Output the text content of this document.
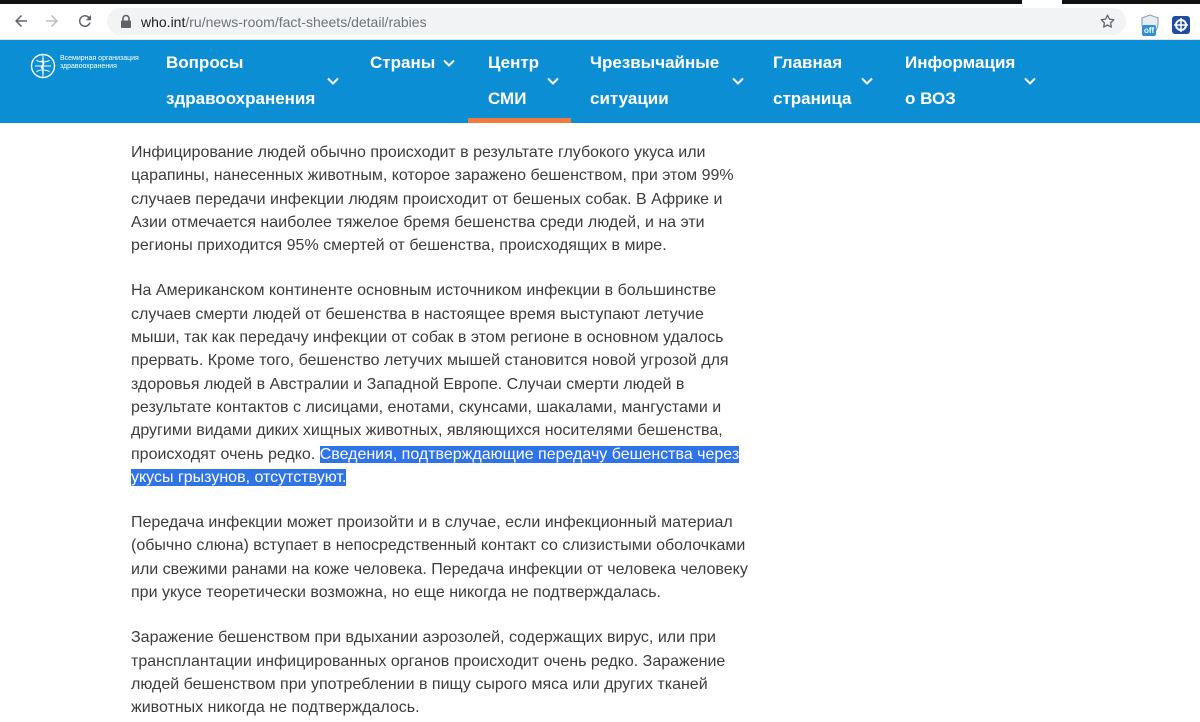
who.int/ru/news-room/fact-sheets/detail/rabies
off
Всемирная организация здравоохранения	Вопросы
здравоохранения
Страны	Центр
СМИ
Чрезвычайные
ситуации
Главная
страница
Информация
о ВОЗ

Инфицирование людей обычно происходит в результате глубокого укуса или царапины, нанесенных животным, которое заражено бешенством, при этом 99% случаев передачи инфекции людям происходит от бешеных собак. В Африке и Азии отмечается наиболее тяжелое бремя бешенства среди людей, и на эти регионы приходится 95% смертей от бешенства, происходящих в мире.

На Американском континенте основным источником инфекции в большинстве случаев смерти людей от бешенства в настоящее время выступают летучие мыши, так как передачу инфекции от собак в этом регионе в основном удалось прервать. Кроме того, бешенство летучих мышей становится новой угрозой для здоровья людей в Австралии и Западной Европе. Случаи смерти людей в результате контактов с лисицами, енотами, скунсами, шакалами, мангустами и другими видами диких хищных животных, являющихся носителями бешенства, происходят очень редко. Сведения, подтверждающие передачу бешенства через укусы грызунов, отсутствуют.

Передача инфекции может произойти и в случае, если инфекционный материал (обычно слюна) вступает в непосредственный контакт со слизистыми оболочками или свежими ранами на коже человека. Передача инфекции от человека человеку при укусе теоретически возможна, но еще никогда не подтверждалась.

Заражение бешенством при вдыхании аэрозолей, содержащих вирус, или при трансплантации инфицированных органов происходит очень редко. Заражение людей бешенством при употреблении в пищу сырого мяса или других тканей животных никогда не подтверждалось.
